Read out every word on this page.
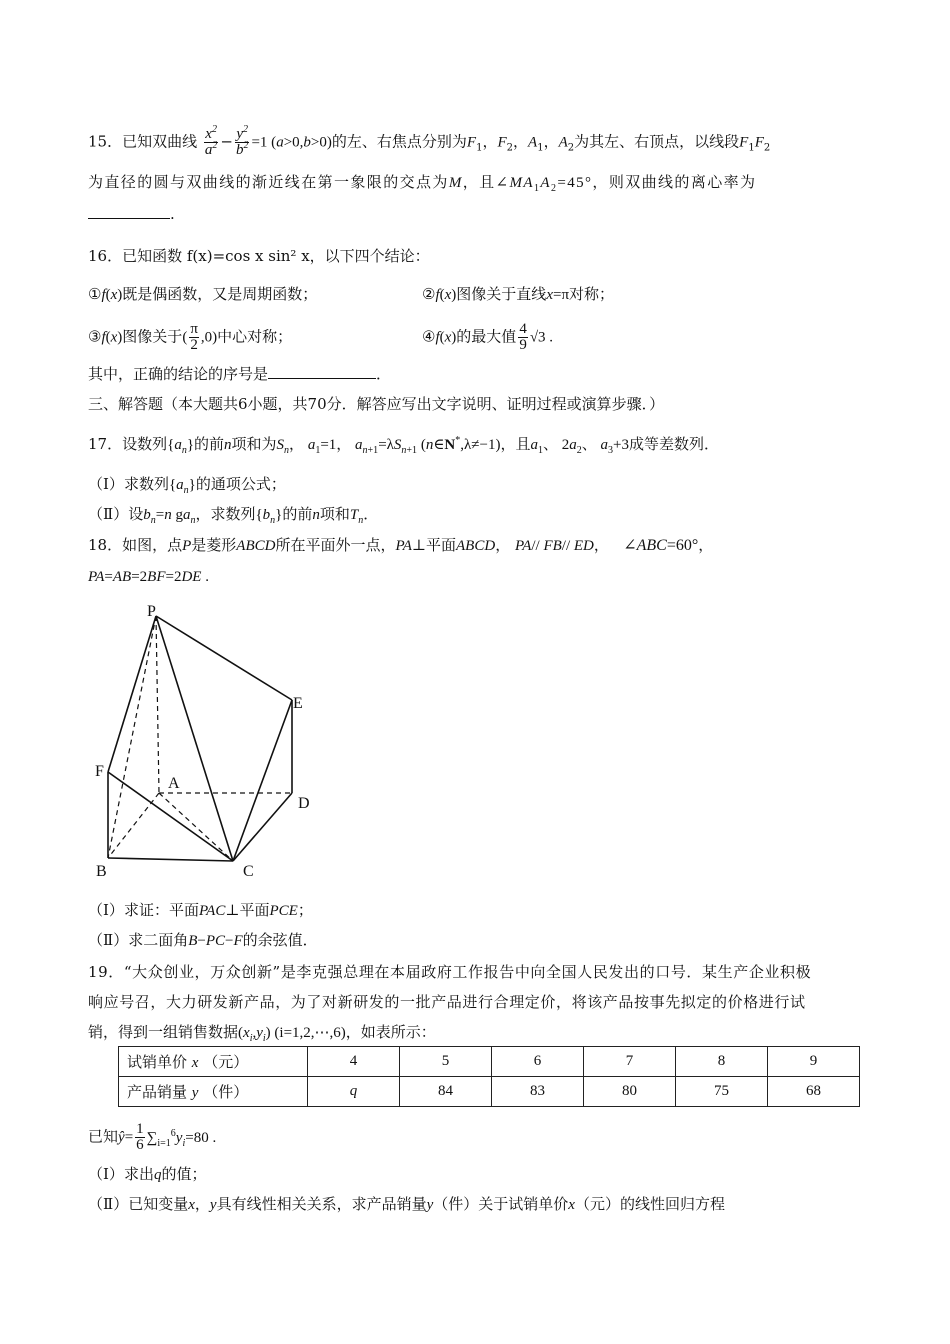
15．已知双曲线 $\frac{x^2}{a^2} - \frac{y^2}{b^2} =1$ (a>0,b>0)的左、右焦点分别为$F_1$，$F_2$，$A_1$，$A_2$为其左、右顶点，以线段$F_1F_2$
为直径的圆与双曲线的渐近线在第一象限的交点为M，且$\angle MA_1A_2=45^\circ$，则双曲线的离心率为
.
16．已知函数 f(x)=cos x sin² x，以下四个结论：
①f(x)既是偶函数，又是周期函数；	②f(x)图像关于直线x=π对称；
③f(x)图像关于( $\frac{\pi}{2} ,0$)中心对称；	④f(x)的最大值 $\frac{4}{9} √3$ .
其中，正确的结论的序号是	．
三、解答题（本大题共6小题，共70分．解答应写出文字说明、证明过程或演算步骤．）
17．设数列$\{a_n\}$的前n项和为$S_n$， $a_1=1$， $a_{n+1}=\lambda S_{n+1}$ (n∈N*,λ≠−1)，且$a_1$、 $2a_2$、 $a_3+3$成等差数列．
（Ⅰ）求数列$\{a_n\}$的通项公式；
（Ⅱ）设$b_n=n$ $ga_n$，求数列$\{b_n\}$的前n项和$T_n$．
18．如图，点P是菱形ABCD所在平面外一点，PA⊥平面ABCD， PA// FB// ED，   ∠ABC=60°，
PA=AB=2BF=2DE .
P
E
F
A
D
B	C
（Ⅰ）求证：平面PAC⊥平面PCE；
（Ⅱ）求二面角B−PC−F的余弦值．
19．“大众创业，万众创新”是李克强总理在本届政府工作报告中向全国人民发出的口号．某生产企业积极
响应号召，大力研发新产品，为了对新研发的一批产品进行合理定价，将该产品按事先拟定的价格进行试
销，得到一组销售数据$(x_i,y_i)$ (i=1,2,⋯,6)，如表所示：
试销单价 x （元）	4	5	6	7	8	9
产品销量 y （件）	q	84	83	80	75	68
已知ŷ= $\frac{1}{6} \sum_{i=1}^6y_i=80$ .
（Ⅰ）求出q的值；
（Ⅱ）已知变量x，y具有线性相关关系，求产品销量y（件）关于试销单价x（元）的线性回归方程
